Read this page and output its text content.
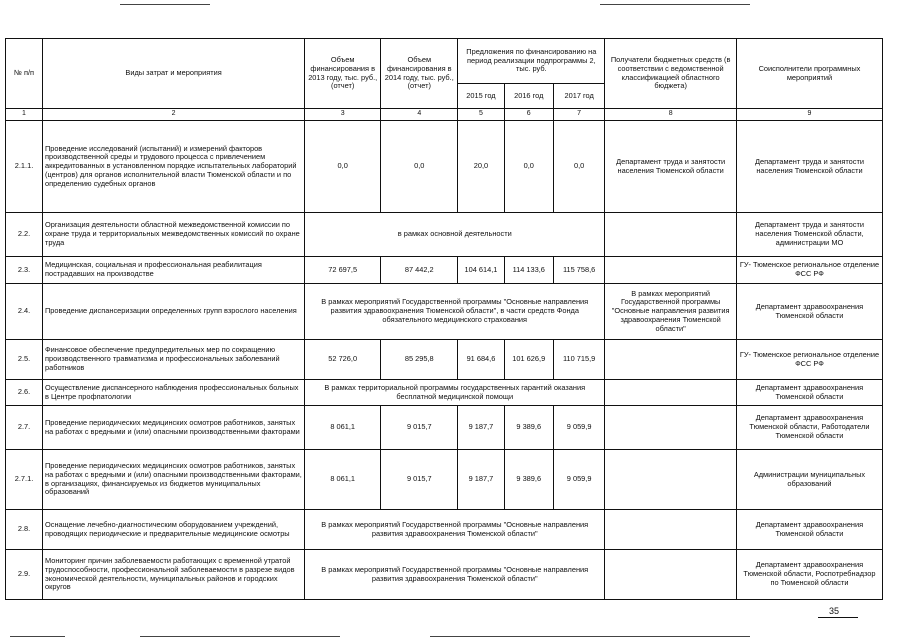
№ п/п	Виды затрат и мероприятия	Объем финансирования в 2013 году, тыс. руб., (отчет)	Объем финансирования в 2014 году, тыс. руб., (отчет)	Предложения по финансированию на период реализации подпрограммы 2, тыс. руб.			Получатели бюджетных средств (в соответствии с ведомственной классификацией областного бюджета)	Соисполнители программных мероприятий
				2015 год	2016 год	2017 год		
1	2	3	4	5	6	7	8	9
2.1.1.	Проведение исследований (испытаний) и измерений факторов производственной среды и трудового процесса с привлечением аккредитованных в установленном порядке испытательных лабораторий (центров) для органов исполнительной власти Тюменской области и по определению судебных органов	0,0	0,0	20,0	0,0	0,0	Департамент труда и занятости населения Тюменской области	Департамент труда и занятости населения Тюменской области
2.2.	Организация деятельности областной межведомственной комиссии по охране труда и территориальных межведомственных комиссий по охране труда	в рамках основной деятельности						Департамент труда и занятости населения Тюменской области, администрации МО
2.3.	Медицинская, социальная и профессиональная реабилитация пострадавших на производстве	72 697,5	87 442,2	104 614,1	114 133,6	115 758,6		ГУ- Тюменское региональное отделение ФСС РФ
2.4.	Проведение диспансеризации определенных групп взрослого населения	В рамках мероприятий Государственной программы "Основные направления развития здравоохранения Тюменской области", в части средств Фонда обязательного медицинского страхования					В рамках мероприятий Государственной программы "Основные направления развития здравоохранения Тюменской области"	Департамент здравоохранения Тюменской области
2.5.	Финансовое обеспечение предупредительных мер по сокращению производственного травматизма и профессиональных заболеваний работников	52 726,0	85 295,8	91 684,6	101 626,9	110 715,9		ГУ- Тюменское региональное отделение ФСС РФ
2.6.	Осуществление диспансерного наблюдения профессиональных больных в Центре профпатологии	В рамках территориальной программы государственных гарантий оказания бесплатной медицинской помощи						Департамент здравоохранения Тюменской области
2.7.	Проведение периодических медицинских осмотров работников, занятых на работах с вредными и (или) опасными производственными факторами	8 061,1	9 015,7	9 187,7	9 389,6	9 059,9		Департамент здравоохранения Тюменской области, Работодатели Тюменской области
2.7.1.	Проведение периодических медицинских осмотров работников, занятых на работах с вредными и (или) опасными производственными факторами, в организациях, финансируемых из бюджетов муниципальных образований	8 061,1	9 015,7	9 187,7	9 389,6	9 059,9		Администрации муниципальных образований
2.8.	Оснащение лечебно-диагностическим оборудованием учреждений, проводящих периодические и предварительные медицинские осмотры	В рамках мероприятий Государственной программы "Основные направления развития здравоохранения Тюменской области"						Департамент здравоохранения Тюменской области
2.9.	Мониторинг причин заболеваемости работающих с временной утратой трудоспособности, профессиональной заболеваемости в разрезе видов экономической деятельности, муниципальных районов и городских округов	В рамках мероприятий Государственной программы "Основные направления развития здравоохранения Тюменской области"						Департамент здравоохранения Тюменской области, Роспотребнадзор по Тюменской области
35
